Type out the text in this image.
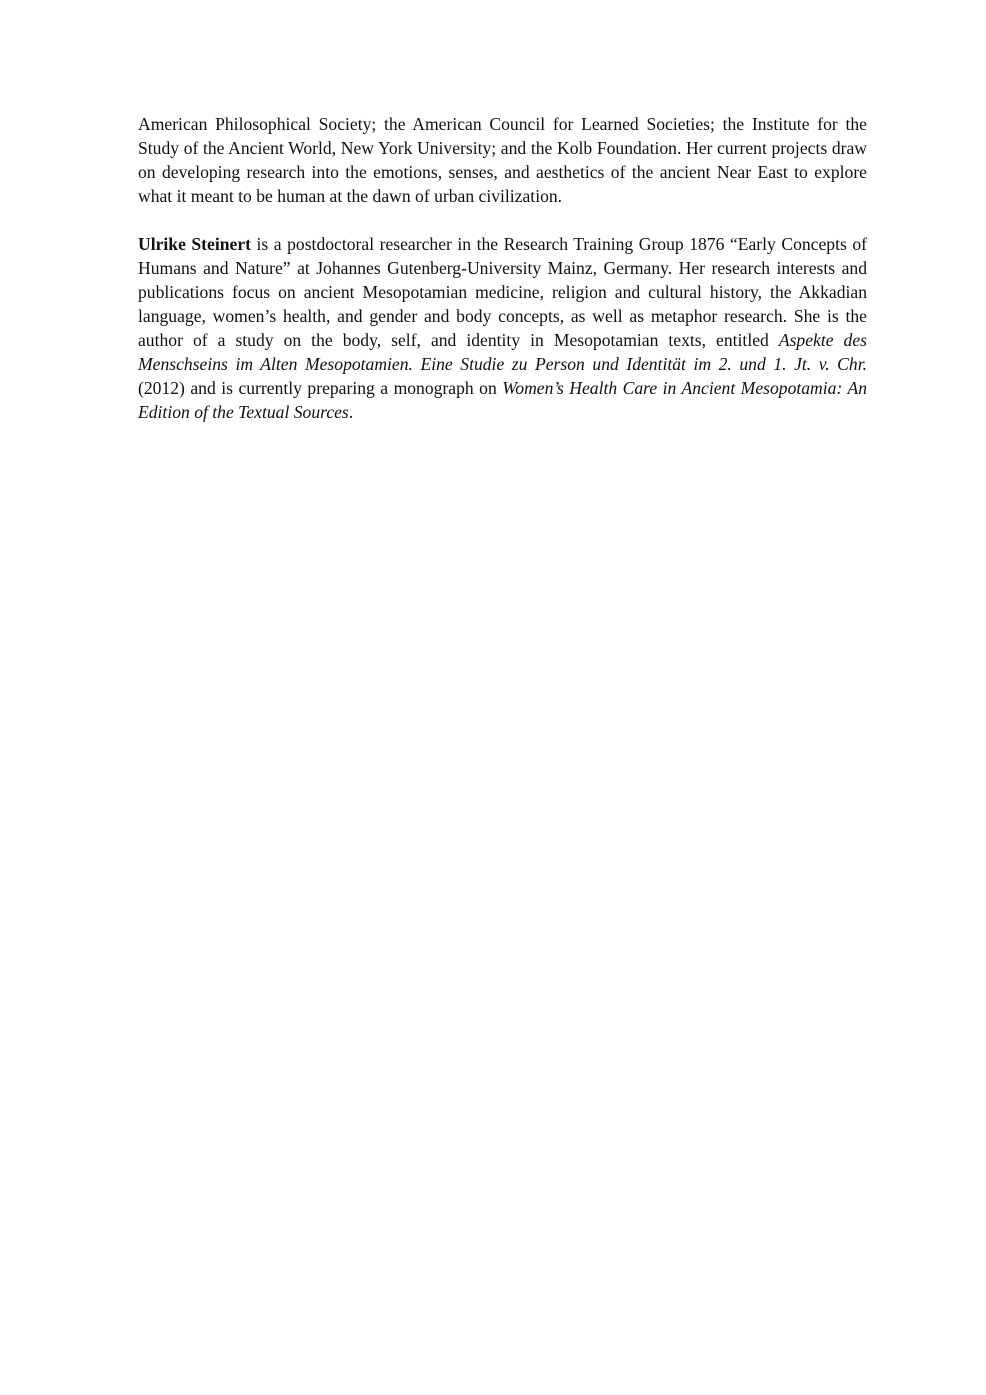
American Philosophical Society; the American Council for Learned Societies; the Institute for the Study of the Ancient World, New York University; and the Kolb Foundation. Her current projects draw on developing research into the emotions, senses, and aesthetics of the ancient Near East to explore what it meant to be human at the dawn of urban civilization.

Ulrike Steinert is a postdoctoral researcher in the Research Training Group 1876 “Early Concepts of Humans and Nature” at Johannes Gutenberg-University Mainz, Germany. Her research interests and publications focus on ancient Mesopotamian medicine, religion and cultural history, the Akkadian language, women’s health, and gender and body concepts, as well as metaphor research. She is the author of a study on the body, self, and identity in Mesopotamian texts, entitled Aspekte des Menschseins im Alten Mesopotamien. Eine Studie zu Person und Identität im 2. und 1. Jt. v. Chr. (2012) and is currently preparing a monograph on Women’s Health Care in Ancient Mesopotamia: An Edition of the Textual Sources.
